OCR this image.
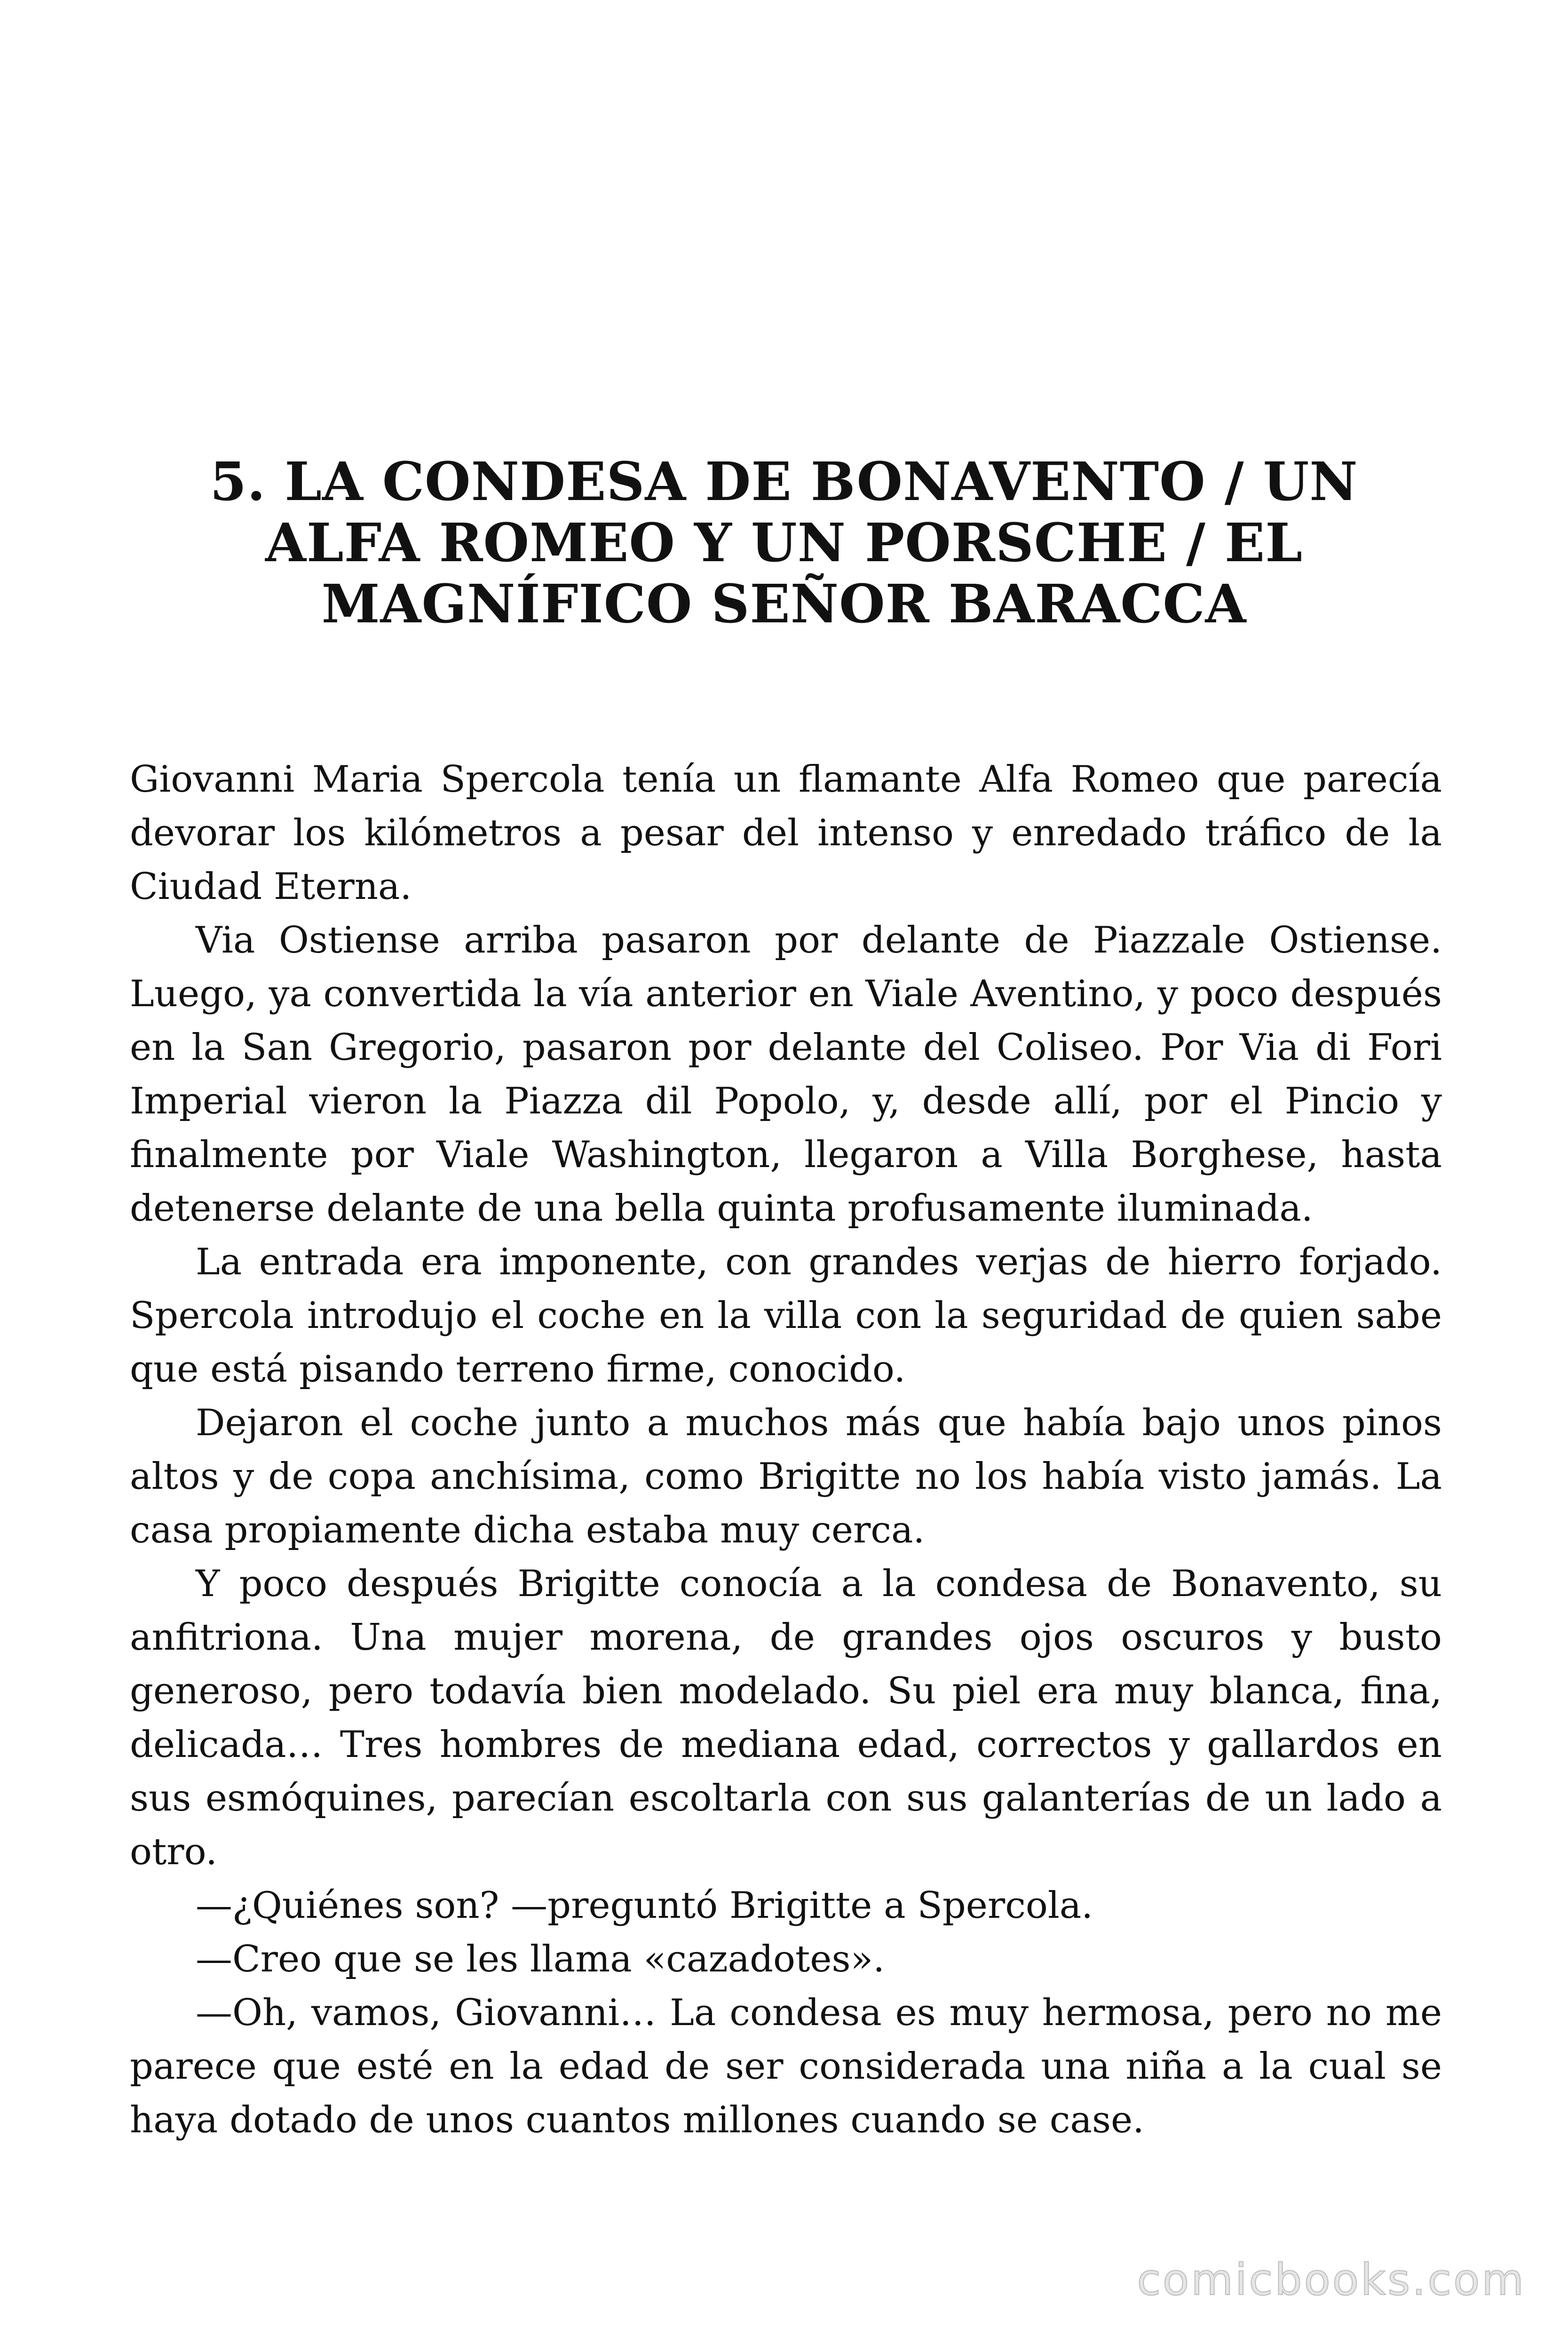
5. LA CONDESA DE BONAVENTO / UN
ALFA ROMEO Y UN PORSCHE / EL
MAGNÍFICO SEÑOR BARACCA

Giovanni Maria Spercola tenía un flamante Alfa Romeo que parecía devorar los kilómetros a pesar del intenso y enredado tráfico de la Ciudad Eterna.

Via Ostiense arriba pasaron por delante de Piazzale Ostiense. Luego, ya convertida la vía anterior en Viale Aventino, y poco después en la San Gregorio, pasaron por delante del Coliseo. Por Via di Fori Imperial vieron la Piazza dil Popolo, y, desde allí, por el Pincio y finalmente por Viale Washington, llegaron a Villa Borghese, hasta detenerse delante de una bella quinta profusamente iluminada.

La entrada era imponente, con grandes verjas de hierro forjado. Spercola introdujo el coche en la villa con la seguridad de quien sabe que está pisando terreno firme, conocido.

Dejaron el coche junto a muchos más que había bajo unos pinos altos y de copa anchísima, como Brigitte no los había visto jamás. La casa propiamente dicha estaba muy cerca.

Y poco después Brigitte conocía a la condesa de Bonavento, su anfitriona. Una mujer morena, de grandes ojos oscuros y busto generoso, pero todavía bien modelado. Su piel era muy blanca, fina, delicada… Tres hombres de mediana edad, correctos y gallardos en sus esmóquines, parecían escoltarla con sus galanterías de un lado a otro.

—¿Quiénes son? —preguntó Brigitte a Spercola.

—Creo que se les llama «cazadotes».

—Oh, vamos, Giovanni… La condesa es muy hermosa, pero no me parece que esté en la edad de ser considerada una niña a la cual se haya dotado de unos cuantos millones cuando se case.

comicbooks.com
